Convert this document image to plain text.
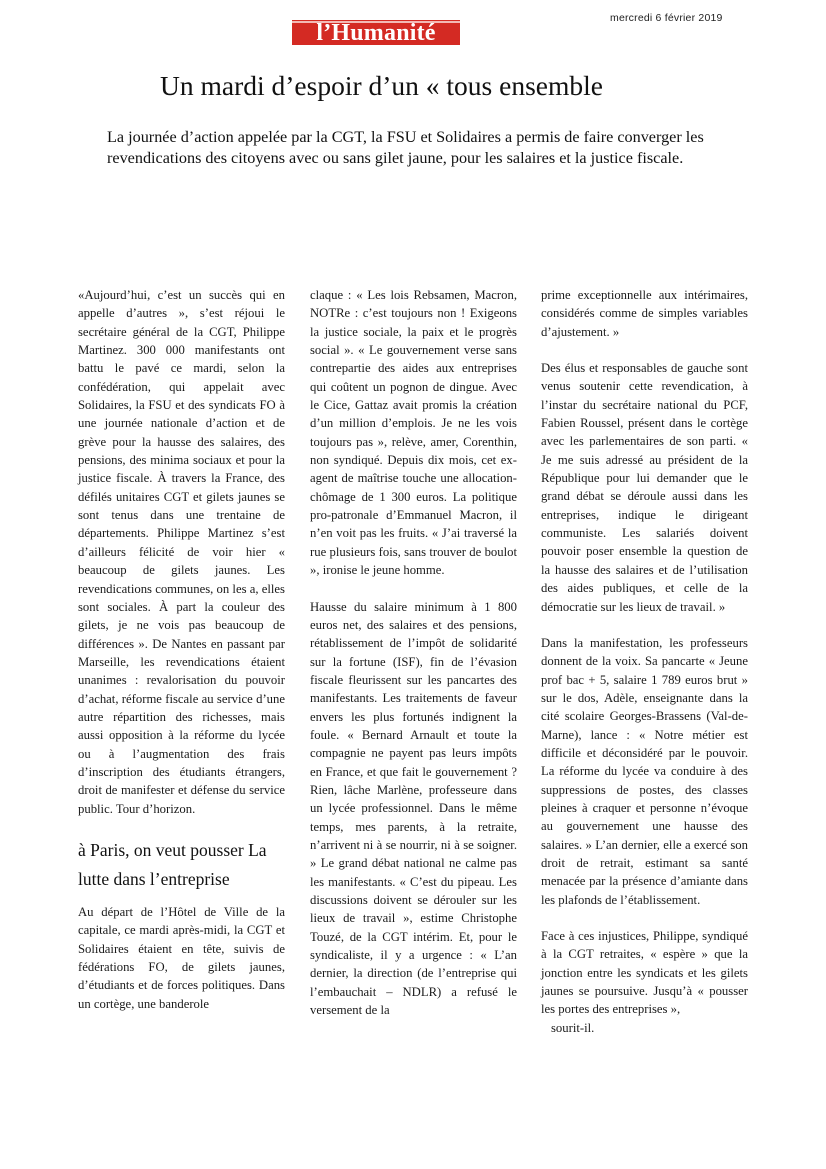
l’Humanité
mercredi 6 février 2019
Un mardi d’espoir d’un « tous ensemble
La journée d’action appelée par la CGT, la FSU et Solidaires a permis de faire converger les revendications des citoyens avec ou sans gilet jaune, pour les salaires et la justice fiscale.

«Aujourd’hui, c’est un succès qui en appelle d’autres », s’est réjoui le secrétaire général de la CGT, Philippe Martinez. 300 000 manifestants ont battu le pavé ce mardi, selon la confédération, qui appelait avec Solidaires, la FSU et des syndicats FO à une journée nationale d’action et de grève pour la hausse des salaires, des pensions, des minima sociaux et pour la justice fiscale. À travers la France, des défilés unitaires CGT et gilets jaunes se sont tenus dans une trentaine de départements. Philippe Martinez s’est d’ailleurs félicité de voir hier « beaucoup de gilets jaunes. Les revendications communes, on les a, elles sont sociales. À part la couleur des gilets, je ne vois pas beaucoup de différences ». De Nantes en passant par Marseille, les revendications étaient unanimes : revalorisation du pouvoir d’achat, réforme fiscale au service d’une autre répartition des richesses, mais aussi opposition à la réforme du lycée ou à l’augmentation des frais d’inscription des étudiants étrangers, droit de manifester et défense du service public. Tour d’horizon.

à Paris, on veut pousser La lutte dans l’entreprise

Au départ de l’Hôtel de Ville de la capitale, ce mardi après-midi, la CGT et Solidaires étaient en tête, suivis de fédérations FO, de gilets jaunes, d’étudiants et de forces politiques. Dans un cortège, une banderole

claque : « Les lois Rebsamen, Macron, NOTRe : c’est toujours non ! Exigeons la justice sociale, la paix et le progrès social ». « Le gouvernement verse sans contrepartie des aides aux entreprises qui coûtent un pognon de dingue. Avec le Cice, Gattaz avait promis la création d’un million d’emplois. Je ne les vois toujours pas », relève, amer, Corenthin, non syndiqué. Depuis dix mois, cet ex-agent de maîtrise touche une allocation-chômage de 1 300 euros. La politique pro-patronale d’Emmanuel Macron, il n’en voit pas les fruits. « J’ai traversé la rue plusieurs fois, sans trouver de boulot », ironise le jeune homme.

Hausse du salaire minimum à 1 800 euros net, des salaires et des pensions, rétablissement de l’impôt de solidarité sur la fortune (ISF), fin de l’évasion fiscale fleurissent sur les pancartes des manifestants. Les traitements de faveur envers les plus fortunés indignent la foule. « Bernard Arnault et toute la compagnie ne payent pas leurs impôts en France, et que fait le gouvernement ? Rien, lâche Marlène, professeure dans un lycée professionnel. Dans le même temps, mes parents, à la retraite, n’arrivent ni à se nourrir, ni à se soigner. » Le grand débat national ne calme pas les manifestants. « C’est du pipeau. Les discussions doivent se dérouler sur les lieux de travail », estime Christophe Touzé, de la CGT intérim. Et, pour le syndicaliste, il y a urgence : « L’an dernier, la direction (de l’entreprise qui l’embauchait – NDLR) a refusé le versement de la

prime exceptionnelle aux intérimaires, considérés comme de simples variables d’ajustement. »

Des élus et responsables de gauche sont venus soutenir cette revendication, à l’instar du secrétaire national du PCF, Fabien Roussel, présent dans le cortège avec les parlementaires de son parti. « Je me suis adressé au président de la République pour lui demander que le grand débat se déroule aussi dans les entreprises, indique le dirigeant communiste. Les salariés doivent pouvoir poser ensemble la question de la hausse des salaires et de l’utilisation des aides publiques, et celle de la démocratie sur les lieux de travail. »

Dans la manifestation, les professeurs donnent de la voix. Sa pancarte « Jeune prof bac + 5, salaire 1 789 euros brut » sur le dos, Adèle, enseignante dans la cité scolaire Georges-Brassens (Val-de-Marne), lance : « Notre métier est difficile et déconsidéré par le pouvoir. La réforme du lycée va conduire à des suppressions de postes, des classes pleines à craquer et personne n’évoque au gouvernement une hausse des salaires. » L’an dernier, elle a exercé son droit de retrait, estimant sa santé menacée par la présence d’amiante dans les plafonds de l’établissement.

Face à ces injustices, Philippe, syndiqué à la CGT retraites, « espère » que la jonction entre les syndicats et les gilets jaunes se poursuive. Jusqu’à « pousser les portes des entreprises »,

sourit-il.
